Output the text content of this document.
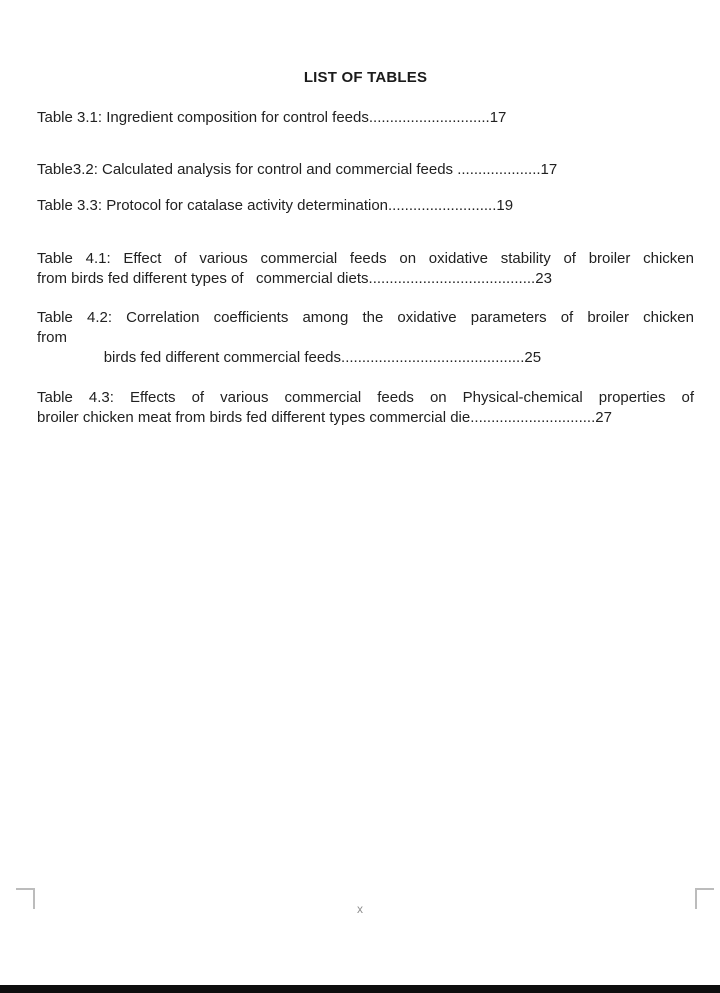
LIST OF TABLES
Table 3.1: Ingredient composition for control feeds.............................17
Table3.2: Calculated analysis for control and commercial feeds ....................17
Table 3.3: Protocol for catalase activity determination..........................19
Table 4.1: Effect of various commercial feeds on oxidative stability of broiler chicken
from birds fed different types of   commercial diets........................................23
Table 4.2: Correlation coefficients among the oxidative parameters of broiler chicken
from
birds fed different commercial feeds............................................25
Table 4.3: Effects of various commercial feeds on Physical-chemical properties of
broiler chicken meat from birds fed different types commercial die..............................27
x
